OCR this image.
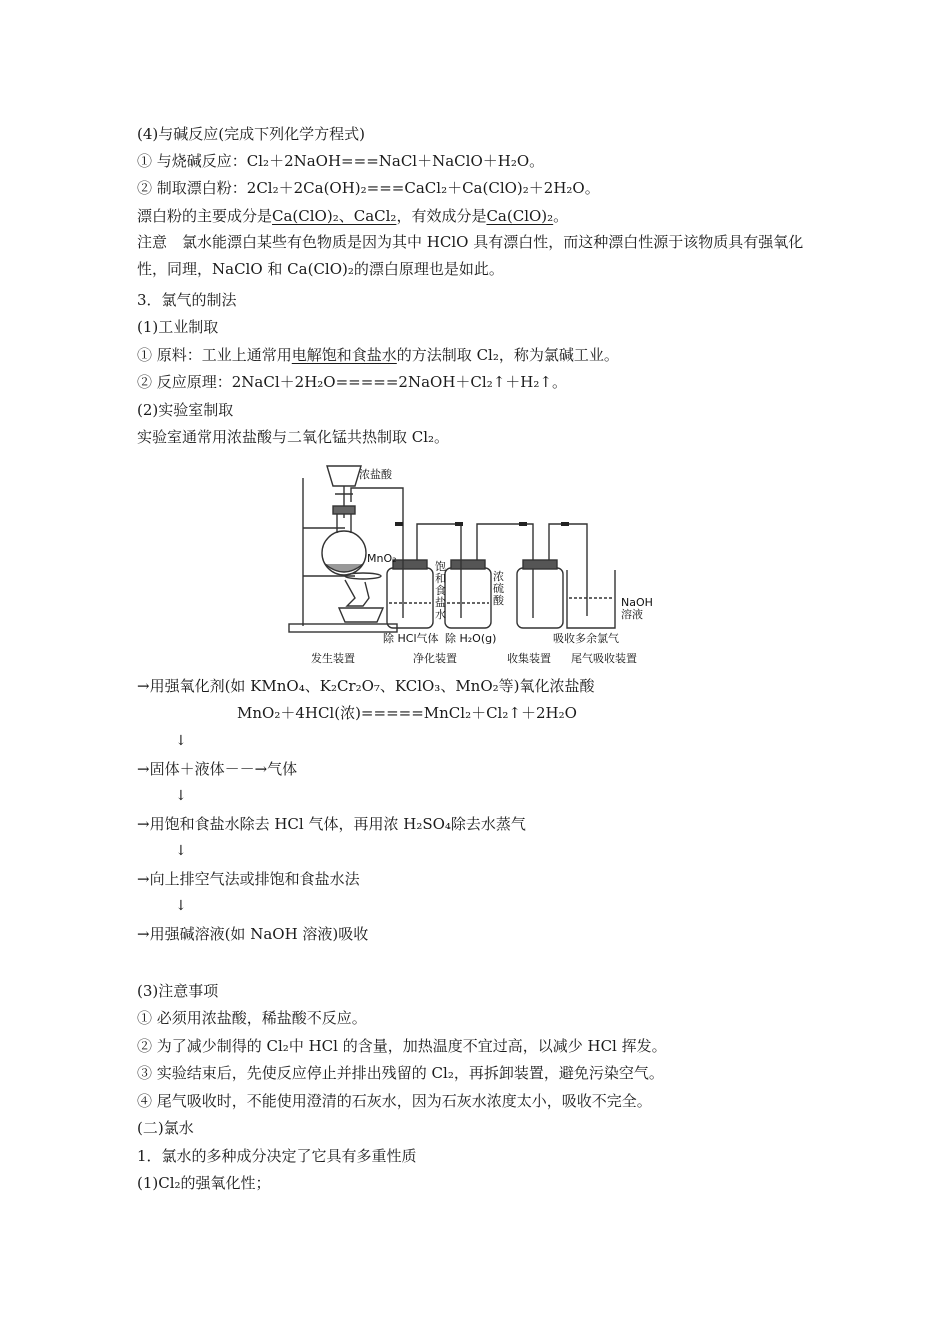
(4)与碱反应(完成下列化学方程式)
① 与烧碱反应：Cl₂＋2NaOH===NaCl＋NaClO＋H₂O。
② 制取漂白粉：2Cl₂＋2Ca(OH)₂===CaCl₂＋Ca(ClO)₂＋2H₂O。
漂白粉的主要成分是Ca(ClO)₂、CaCl₂，有效成分是Ca(ClO)₂。
注意　氯水能漂白某些有色物质是因为其中 HClO 具有漂白性，而这种漂白性源于该物质具有强氧化性，同理，NaClO 和 Ca(ClO)₂的漂白原理也是如此。
3．氯气的制法
(1)工业制取
① 原料：工业上通常用电解饱和食盐水的方法制取 Cl₂，称为氯碱工业。
② 反应原理：2NaCl＋2H₂O=====2NaOH＋Cl₂↑＋H₂↑。
(2)实验室制取
实验室通常用浓盐酸与二氧化锰共热制取 Cl₂。
浓盐酸
MnO₂
饱
和
食
盐
水
浓
硫
酸	NaOH
溶液
除 HCl气体 除 H₂O(g)	吸收多余氯气
发生装置	净化装置	收集装置 尾气吸收装置
→用强氧化剂(如 KMnO₄、K₂Cr₂O₇、KClO₃、MnO₂等)氧化浓盐酸
MnO₂＋4HCl(浓)=====MnCl₂＋Cl₂↑＋2H₂O
↓
→固体＋液体－－→气体
↓
→用饱和食盐水除去 HCl 气体，再用浓 H₂SO₄除去水蒸气
↓
→向上排空气法或排饱和食盐水法
↓
→用强碱溶液(如 NaOH 溶液)吸收
(3)注意事项
① 必须用浓盐酸，稀盐酸不反应。
② 为了减少制得的 Cl₂中 HCl 的含量，加热温度不宜过高，以减少 HCl 挥发。
③ 实验结束后，先使反应停止并排出残留的 Cl₂，再拆卸装置，避免污染空气。
④ 尾气吸收时，不能使用澄清的石灰水，因为石灰水浓度太小，吸收不完全。
(二)氯水
1．氯水的多种成分决定了它具有多重性质
(1)Cl₂的强氧化性；
